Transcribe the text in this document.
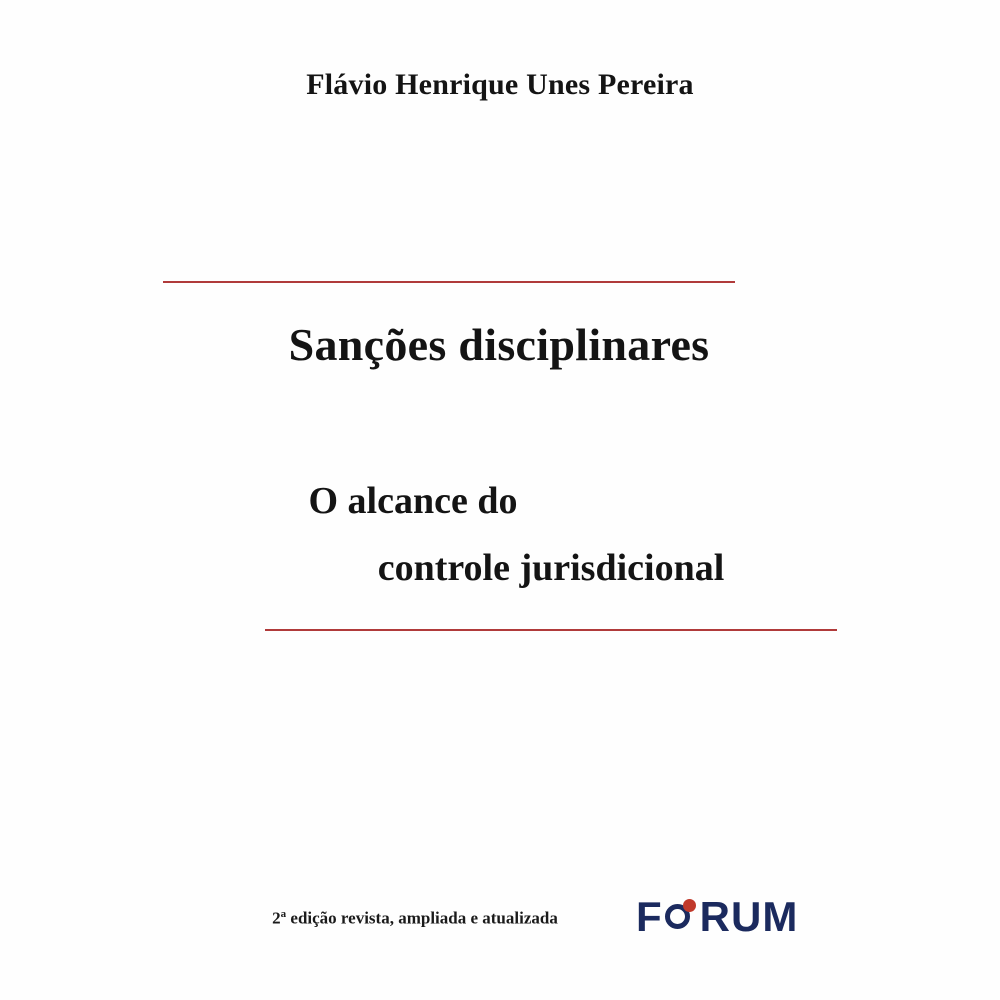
Flávio Henrique Unes Pereira
Sanções disciplinares
O alcance do
controle jurisdicional
2$^a$ edição revista, ampliada e atualizada	F RUM
